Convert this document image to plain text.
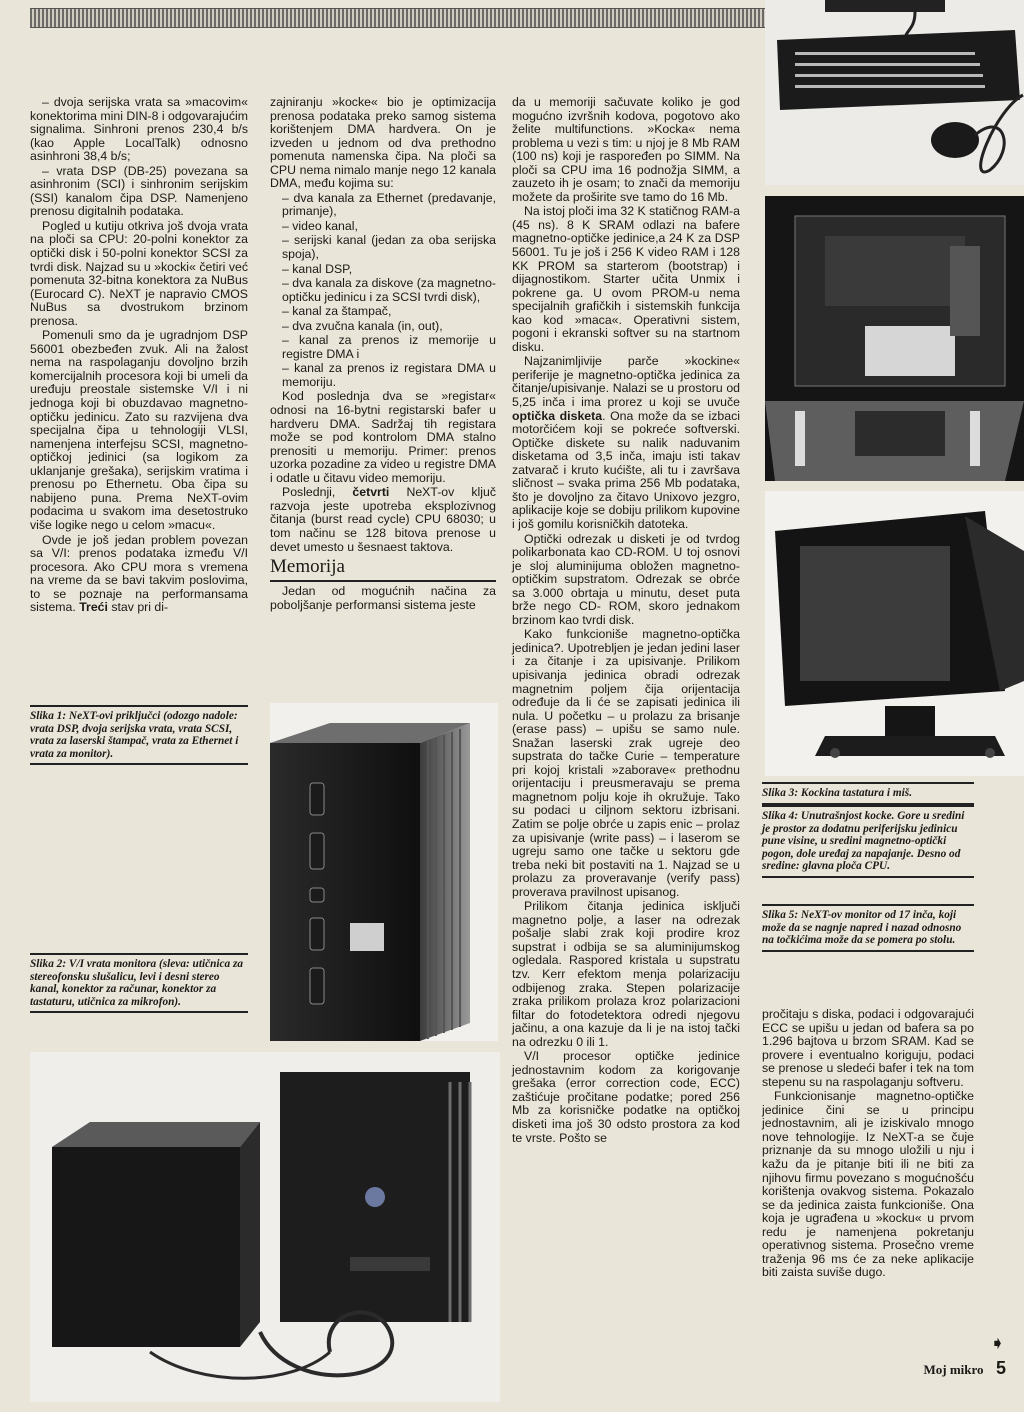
– dvoja serijska vrata sa »macovim« konektorima mini DIN-8 i odgovarajućim signalima. Sinhroni prenos 230,4 b/s (kao Apple LocalTalk) odnosno asinhroni 38,4 b/s;

– vrata DSP (DB-25) povezana sa asinhronim (SCI) i sinhronim serijskim (SSI) kanalom čipa DSP. Namenjeno prenosu digitalnih podataka.

Pogled u kutiju otkriva još dvoja vrata na ploči sa CPU: 20-polni konektor za optički disk i 50-polni konektor SCSI za tvrdi disk. Najzad su u »kocki« četiri već pomenuta 32-bitna konektora za NuBus (Eurocard C). NeXT je napravio CMOS NuBus sa dvostrukom brzinom prenosa.

Pomenuli smo da je ugradnjom DSP 56001 obezbeđen zvuk. Ali na žalost nema na raspolaganju dovoljno brzih komercijalnih procesora koji bi umeli da uređuju preostale sistemske V/I i ni jednoga koji bi obuzdavao magnetno-optičku jedinicu. Zato su razvijena dva specijalna čipa u tehnologiji VLSI, namenjena interfejsu SCSI, magnetno-optičkoj jedinici (sa logikom za uklanjanje grešaka), serijskim vratima i prenosu po Ethernetu. Oba čipa su nabijeno puna. Prema NeXT-ovim podacima u svakom ima desetostruko više logike nego u celom »macu«.

Ovde je još jedan problem povezan sa V/I: prenos podataka između V/I procesora. Ako CPU mora s vremena na vreme da se bavi takvim poslovima, to se poznaje na performansama sistema. Treći stav pri di-

Slika 1: NeXT-ovi priključci (odozgo nadole: vrata DSP, dvoja serijska vrata, vrata SCSI, vrata za laserski štampač, vrata za Ethernet i vrata za monitor).
Slika 2: V/I vrata monitora (sleva: utičnica za stereofonsku slušalicu, levi i desni stereo kanal, konektor za računar, konektor za tastaturu, utičnica za mikrofon).

zajniranju »kocke« bio je optimizacija prenosa podataka preko samog sistema korištenjem DMA hardvera. On je izveden u jednom od dva prethodno pomenuta namenska čipa. Na ploči sa CPU nema nimalo manje nego 12 kanala DMA, među kojima su:

– dva kanala za Ethernet (predavanje, primanje),

– video kanal,

– serijski kanal (jedan za oba serijska spoja),

– kanal DSP,

– dva kanala za diskove (za magnetno-optičku jedinicu i za SCSI tvrdi disk),

– kanal za štampač,

– dva zvučna kanala (in, out),

– kanal za prenos iz memorije u registre DMA i

– kanal za prenos iz registara DMA u memoriju.

Kod poslednja dva se »registar« odnosi na 16-bytni registarski bafer u hardveru DMA. Sadržaj tih registara može se pod kontrolom DMA stalno prenositi u memoriju. Primer: prenos uzorka pozadine za video u registre DMA i odatle u čitavu video memoriju.

Poslednji, četvrti NeXT-ov ključ razvoja jeste upotreba eksplozivnog čitanja (burst read cycle) CPU 68030; u tom načinu se 128 bitova prenose u devet umesto u šesnaest taktova.

Memorija

Jedan od mogućnih načina za poboljšanje performansi sistema jeste

da u memoriji sačuvate koliko je god mogućno izvršnih kodova, pogotovo ako želite multifunctions. »Kocka« nema problema u vezi s tim: u njoj je 8 Mb RAM (100 ns) koji je raspoređen po SIMM. Na ploči sa CPU ima 16 podnožja SIMM, a zauzeto ih je osam; to znači da memoriju možete da proširite sve tamo do 16 Mb.

Na istoj ploči ima 32 K statičnog RAM-a (45 ns). 8 K SRAM odlazi na bafere magnetno-optičke jedinice,a 24 K za DSP 56001. Tu je još i 256 K video RAM i 128 KK PROM sa starterom (bootstrap) i dijagnostikom. Starter učita Unmix i pokrene ga. U ovom PROM-u nema specijalnih grafičkih i sistemskih funkcija kao kod »maca«. Operativni sistem, pogoni i ekranski softver su na startnom disku.

Najzanimljivije parče »kockine« periferije je magnetno-optička jedinica za čitanje/upisivanje. Nalazi se u prostoru od 5,25 inča i ima prorez u koji se uvuče optička disketa. Ona može da se izbaci motorčićem koji se pokreće softverski. Optičke diskete su nalik naduvanim disketama od 3,5 inča, imaju isti takav zatvarač i kruto kućište, ali tu i završava sličnost – svaka prima 256 Mb podataka, što je dovoljno za čitavo Unixovo jezgro, aplikacije koje se dobiju prilikom kupovine i još gomilu korisničkih datoteka.

Optički odrezak u disketi je od tvrdog polikarbonata kao CD-ROM. U toj osnovi je sloj aluminijuma obložen magnetno-optičkim supstratom. Odrezak se obrće sa 3.000 obrtaja u minutu, deset puta brže nego CD- ROM, skoro jednakom brzinom kao tvrdi disk.

Kako funkcioniše magnetno-optička jedinica?. Upotrebljen je jedan jedini laser i za čitanje i za upisivanje. Prilikom upisivanja jedinica obradi odrezak magnetnim poljem čija orijentacija određuje da li će se zapisati jedinica ili nula. U početku – u prolazu za brisanje (erase pass) – upišu se samo nule. Snažan laserski zrak ugreje deo supstrata do tačke Curie – temperature pri kojoj kristali »zaborave« prethodnu orijentaciju i preusmeravaju se prema magnetnom polju koje ih okružuje. Tako su podaci u ciljnom sektoru izbrisani. Zatim se polje obrće u zapis enic – prolaz za upisivanje (write pass) – i laserom se ugreju samo one tačke u sektoru gde treba neki bit postaviti na 1. Najzad se u prolazu za proveravanje (verify pass) proverava pravilnost upisanog.

Prilikom čitanja jedinica isključi magnetno polje, a laser na odrezak pošalje slabi zrak koji prodire kroz supstrat i odbija se sa aluminijumskog ogledala. Raspored kristala u supstratu tzv. Kerr efektom menja polarizaciju odbijenog zraka. Stepen polarizacije zraka prilikom prolaza kroz polarizacioni filtar do fotodetektora odredi njegovu jačinu, a ona kazuje da li je na istoj tački na odrezku 0 ili 1.

V/I procesor optičke jedinice jednostavnim kodom za korigovanje grešaka (error correction code, ECC) zaštićuje pročitane podatke; pored 256 Mb za korisničke podatke na optičkoj disketi ima još 30 odsto prostora za kod te vrste. Pošto se

Slika 3: Kockina tastatura i miš.
Slika 4: Unutrašnjost kocke. Gore u sredini je prostor za dodatnu periferijsku jedinicu pune visine, u sredini magnetno-optički pogon, dole uređaj za napajanje. Desno od sredine: glavna ploča CPU.
Slika 5: NeXT-ov monitor od 17 inča, koji može da se nagnje napred i nazad odnosno na točkićima može da se pomera po stolu.

pročitaju s diska, podaci i odgovarajući ECC se upišu u jedan od bafera sa po 1.296 bajtova u brzom SRAM. Kad se provere i eventualno koriguju, podaci se prenose u sledeći bafer i tek na tom stepenu su na raspolaganju softveru.

Funkcionisanje magnetno-optičke jedinice čini se u principu jednostavnim, ali je iziskivalo mnogo nove tehnologije. Iz NeXT-a se čuje priznanje da su mnogo uložili u nju i kažu da je pitanje biti ili ne biti za njihovu firmu povezano s mogućnošću korištenja ovakvog sistema. Pokazalo se da jedinica zaista funkcioniše. Ona koja je ugrađena u »kocku« u prvom redu je namenjena pokretanju operativnog sistema. Prosečno vreme traženja 96 ms će za neke aplikacije biti zaista suviše dugo.

➧
Moj mikro 5
